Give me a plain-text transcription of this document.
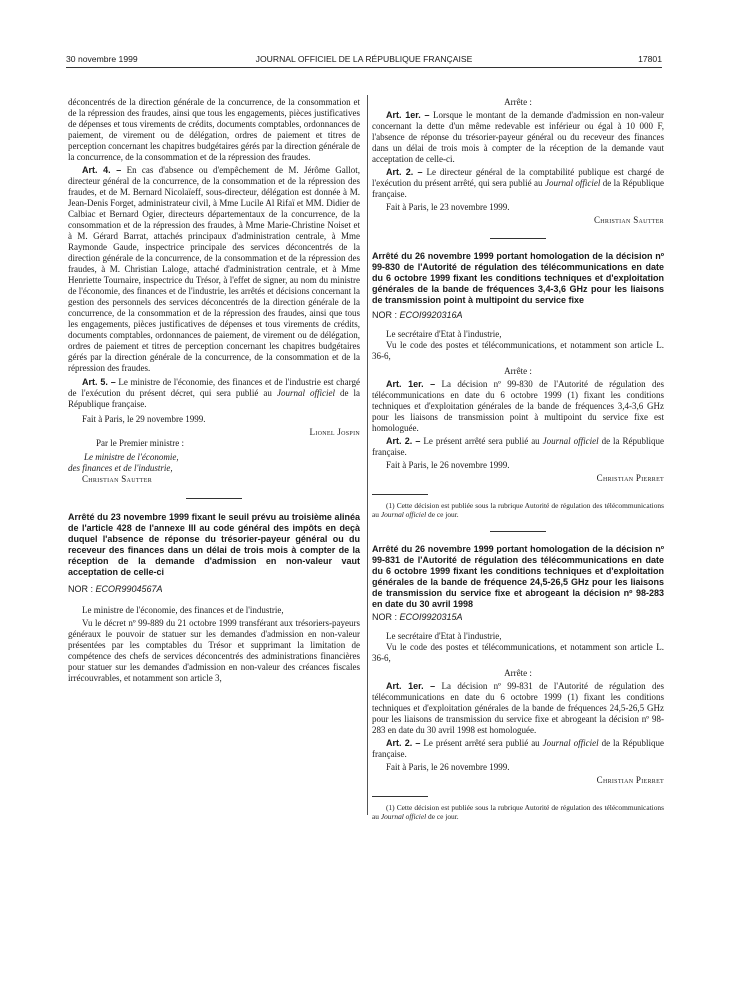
30 novembre 1999	JOURNAL OFFICIEL DE LA RÉPUBLIQUE FRANÇAISE	17801

déconcentrés de la direction générale de la concurrence, de la consommation et de la répression des fraudes, ainsi que tous les engagements, pièces justificatives de dépenses et tous virements de crédits, documents comptables, ordonnances de paiement, de virement ou de délégation, ordres de paiement et titres de perception concernant les chapitres budgétaires gérés par la direction générale de la concurrence, de la consommation et de la répression des fraudes.

Art. 4. – En cas d'absence ou d'empêchement de M. Jérôme Gallot, directeur général de la concurrence, de la consommation et de la répression des fraudes, et de M. Bernard Nicolaïeff, sous-directeur, délégation est donnée à M. Jean-Denis Forget, administrateur civil, à Mme Lucile Al Rifaï et MM. Didier de Calbiac et Bernard Ogier, directeurs départementaux de la concurrence, de la consommation et de la répression des fraudes, à Mme Marie-Christine Noiset et à M. Gérard Barrat, attachés principaux d'administration centrale, à Mme Raymonde Gaude, inspectrice principale des services déconcentrés de la direction générale de la concurrence, de la consommation et de la répression des fraudes, à M. Christian Laloge, attaché d'administration centrale, et à Mme Henriette Tournaire, inspectrice du Trésor, à l'effet de signer, au nom du ministre de l'économie, des finances et de l'industrie, les arrêtés et décisions concernant la gestion des personnels des services déconcentrés de la direction générale de la concurrence, de la consommation et de la répression des fraudes, ainsi que tous les engagements, pièces justificatives de dépenses et tous virements de crédits, documents comptables, ordonnances de paiement, de virement ou de délégation, ordres de paiement et titres de perception concernant les chapitres budgétaires gérés par la direction générale de la concurrence, de la consommation et de la répression des fraudes.

Art. 5. – Le ministre de l'économie, des finances et de l'industrie est chargé de l'exécution du présent décret, qui sera publié au Journal officiel de la République française.

Fait à Paris, le 29 novembre 1999.

Lionel Jospin

Par le Premier ministre :

Le ministre de l'économie,

des finances et de l'industrie,

Christian Sautter

Arrêté du 23 novembre 1999 fixant le seuil prévu au troisième alinéa de l'article 428 de l'annexe III au code général des impôts en deçà duquel l'absence de réponse du trésorier-payeur général ou du receveur des finances dans un délai de trois mois à compter de la réception de la demande d'admission en non-valeur vaut acceptation de celle-ci

NOR : ECOR9904567A

Le ministre de l'économie, des finances et de l'industrie,

Vu le décret nº 99-889 du 21 octobre 1999 transférant aux trésoriers-payeurs généraux le pouvoir de statuer sur les demandes d'admission en non-valeur présentées par les comptables du Trésor et supprimant la limitation de compétence des chefs de services déconcentrés des administrations financières pour statuer sur les demandes d'admission en non-valeur des créances fiscales irrécouvrables, et notamment son article 3,

Arrête :

Art. 1er. – Lorsque le montant de la demande d'admission en non-valeur concernant la dette d'un même redevable est inférieur ou égal à 10 000 F, l'absence de réponse du trésorier-payeur général ou du receveur des finances dans un délai de trois mois à compter de la réception de la demande vaut acceptation de celle-ci.

Art. 2. – Le directeur général de la comptabilité publique est chargé de l'exécution du présent arrêté, qui sera publié au Journal officiel de la République française.

Fait à Paris, le 23 novembre 1999.

Christian Sautter

Arrêté du 26 novembre 1999 portant homologation de la décision nº 99-830 de l'Autorité de régulation des télécommunications en date du 6 octobre 1999 fixant les conditions techniques et d'exploitation générales de la bande de fréquences 3,4-3,6 GHz pour les liaisons de transmission point à multipoint du service fixe

NOR : ECOI9920316A

Le secrétaire d'Etat à l'industrie,

Vu le code des postes et télécommunications, et notamment son article L. 36-6,

Arrête :

Art. 1er. – La décision nº 99-830 de l'Autorité de régulation des télécommunications en date du 6 octobre 1999 (1) fixant les conditions techniques et d'exploitation générales de la bande de fréquences 3,4-3,6 GHz pour les liaisons de transmission point à multipoint du service fixe est homologuée.

Art. 2. – Le présent arrêté sera publié au Journal officiel de la République française.

Fait à Paris, le 26 novembre 1999.

Christian Pierret

(1) Cette décision est publiée sous la rubrique Autorité de régulation des télécommunications au Journal officiel de ce jour.

Arrêté du 26 novembre 1999 portant homologation de la décision nº 99-831 de l'Autorité de régulation des télécommunications en date du 6 octobre 1999 fixant les conditions techniques et d'exploitation générales de la bande de fréquence 24,5-26,5 GHz pour les liaisons de transmission du service fixe et abrogeant la décision nº 98-283 en date du 30 avril 1998

NOR : ECOI9920315A

Le secrétaire d'Etat à l'industrie,

Vu le code des postes et télécommunications, et notamment son article L. 36-6,

Arrête :

Art. 1er. – La décision nº 99-831 de l'Autorité de régulation des télécommunications en date du 6 octobre 1999 (1) fixant les conditions techniques et d'exploitation générales de la bande de fréquences 24,5-26,5 GHz pour les liaisons de transmission du service fixe et abrogeant la décision nº 98-283 en date du 30 avril 1998 est homologuée.

Art. 2. – Le présent arrêté sera publié au Journal officiel de la République française.

Fait à Paris, le 26 novembre 1999.

Christian Pierret

(1) Cette décision est publiée sous la rubrique Autorité de régulation des télécommunications au Journal officiel de ce jour.
